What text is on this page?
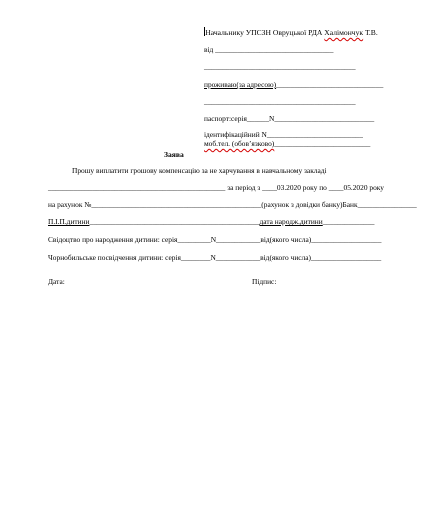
Начальнику УПСЗН Овруцької РДА Халімончук Т.В.
від ________________________________
_________________________________________
проживаю(за адресою)_____________________________
_________________________________________
паспорт:серія______N___________________________
ідентифікаційний N__________________________
моб.тел. (обов’язково)__________________________
Заява
Прошу виплатити грошову компенсацію за не харчування в навчальному закладі
________________________________________________ за період з ____03.2020 року по ____05.2020 року
на рахунок №______________________________________________(рахунок з довідки банку)Банк________________
П.І.П.дитини______________________________________________дата народж.дитини______________
Свідоцтво про народження дитини: серія_________N____________від(якого числа)___________________
Чорнобильське посвідчення дитини: серія________N____________від(якого числа)___________________
Дата:	Підпис:
